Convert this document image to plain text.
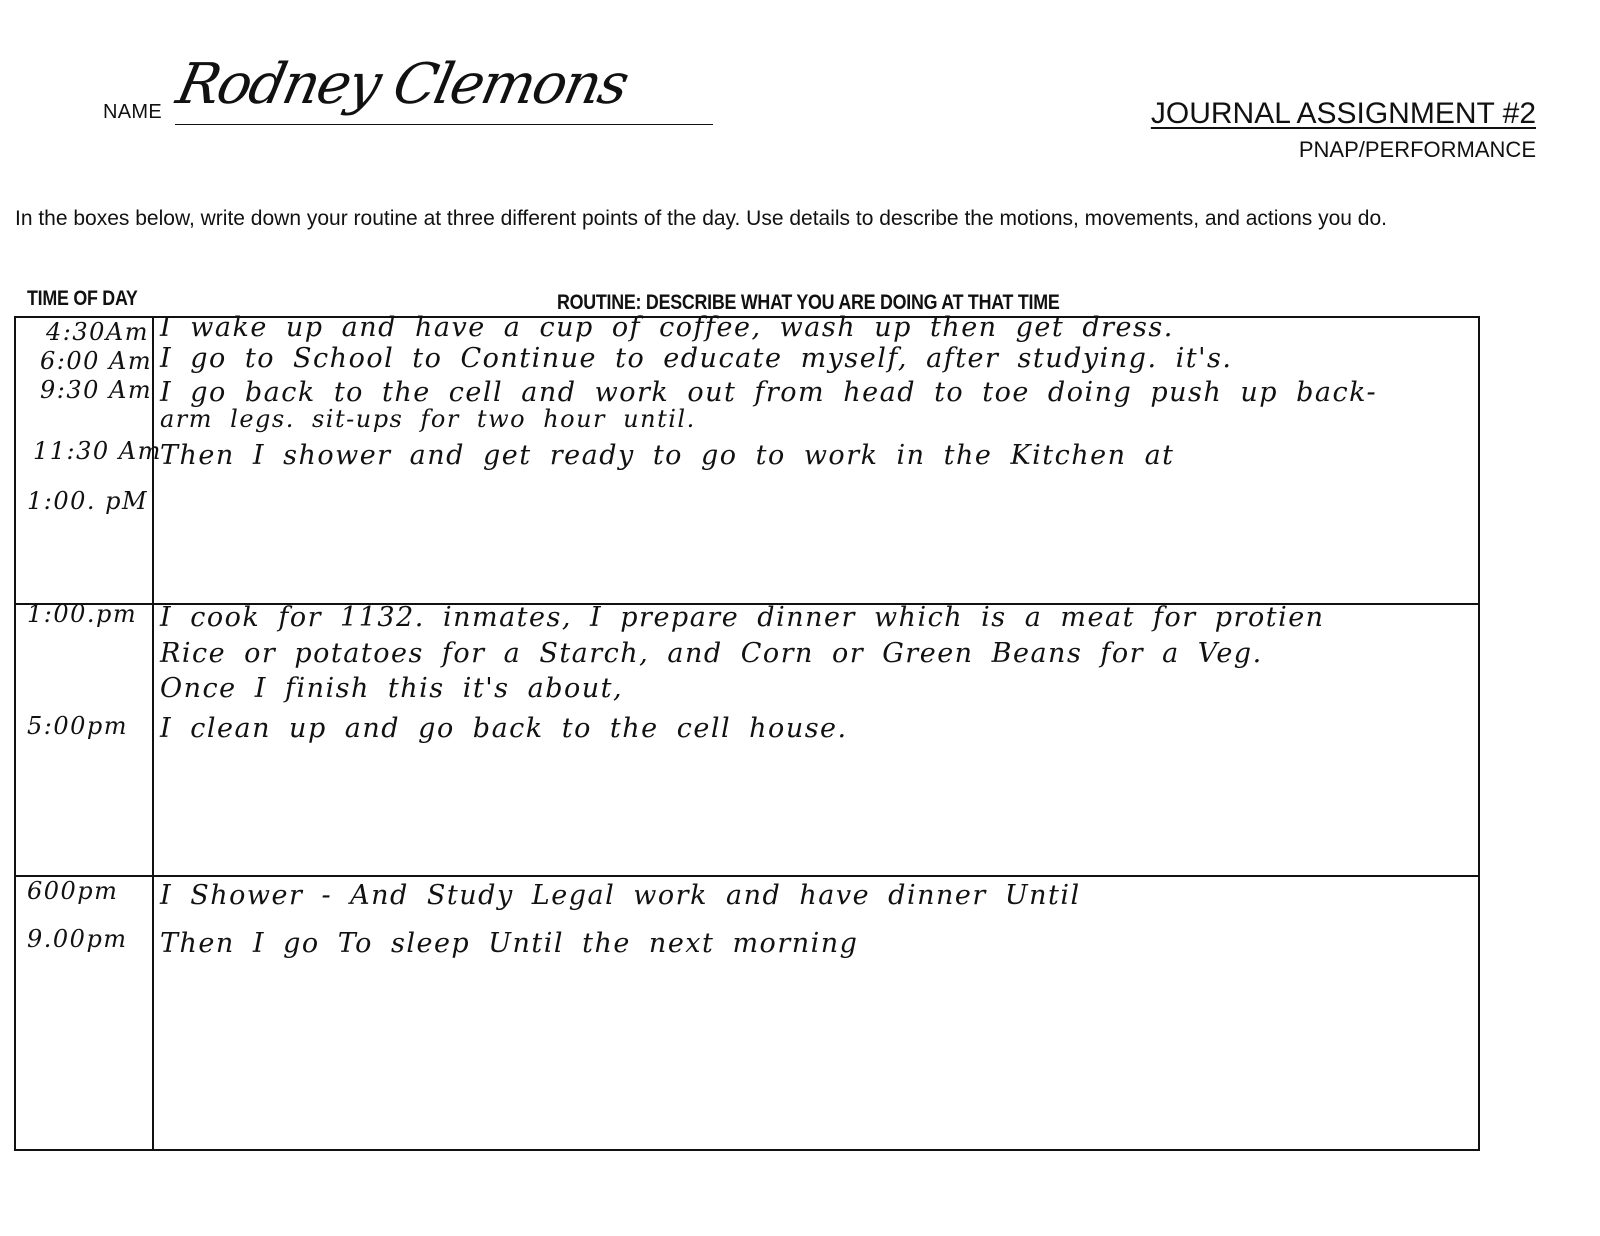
NAME Rodney Clemons	JOURNAL ASSIGNMENT #2
PNAP/PERFORMANCE
In the boxes below, write down your routine at three different points of the day. Use details to describe the motions, movements, and actions you do.
TIME OF DAY	ROUTINE: DESCRIBE WHAT YOU ARE DOING AT THAT TIME
4:30Am
6:00 Am
9:30 Am
11:30 Am
1:00. pM
I wake up and have a cup of coffee, wash up then get dress.
I go to School to Continue to educate myself, after studying. it's.
I go back to the cell and work out from head to toe doing push up back-
arm legs. sit-ups for two hour until.
Then I shower and get ready to go to work in the Kitchen at
1:00.pm
5:00pm
I cook for 1132. inmates, I prepare dinner which is a meat for protien
Rice or potatoes for a Starch, and Corn or Green Beans for a Veg.
Once I finish this it's about,
I clean up and go back to the cell house.
600pm
9.00pm
I Shower - And Study Legal work and have dinner Until
Then I go To sleep Until the next morning
